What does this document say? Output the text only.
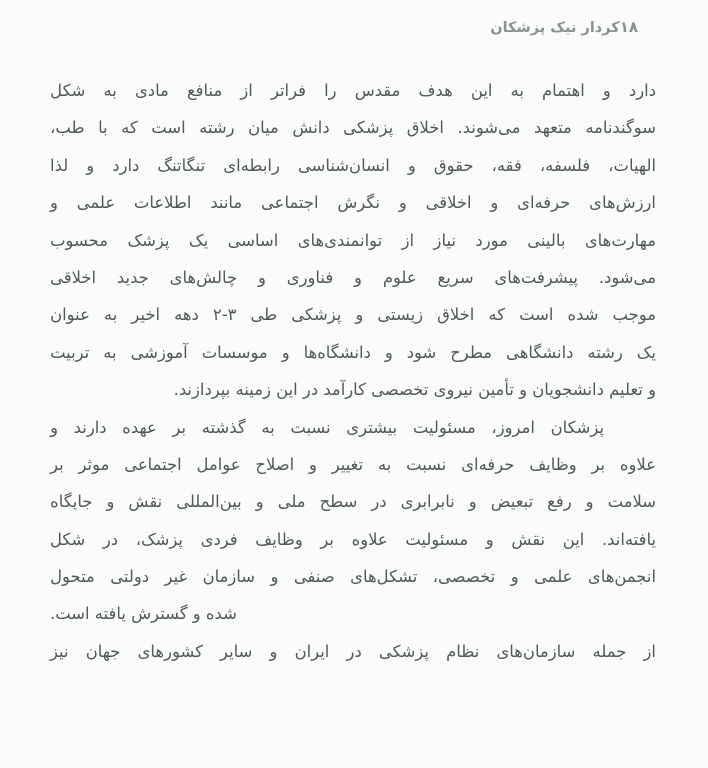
۱۸
کردار نیک پزشکان

دارد
و
اهتمام
به
این
هدف
مقدس
را
فراتر
از
منافع
مادی
به
شکل
سوگندنامه
متعهد
می‌شوند.
اخلاق
پزشکی
دانش
میان
رشته
است
که
با
طب،
الهیات،
فلسفه،
فقه،
حقوق
و
انسان‌شناسی
رابطه‌ای
تنگاتنگ
دارد
و
لذا
ارزش‌های
حرفه‌ای
و
اخلاقی
و
نگرش
اجتماعی
مانند
اطلاعات
علمی
و
مهارت‌های
بالینی
مورد
نیاز
از
توانمندی‌های
اساسی
یک
پزشک
محسوب
می‌شود.
پیشرفت‌های
سریع
علوم
و
فناوری
و
چالش‌های
جدید
اخلاقی
موجب
شده
است
که
اخلاق
زیستی
و
پزشکی
طی
۲-۳
دهه
اخیر
به
عنوان
یک
رشته
دانشگاهی
مطرح
شود
و
دانشگاه‌ها
و
موسسات
آموزشی
به
تربیت
و تعلیم دانشجویان و تأمین نیروی تخصصی کارآمد در این زمینه بپردازند.

پزشکان
امروز،
مسئولیت
بیشتری
نسبت
به
گذشته
بر
عهده
دارند
و
علاوه
بر
وظایف
حرفه‌ای
نسبت
به
تغییر
و
اصلاح
عوامل
اجتماعی
موثر
بر
سلامت
و
رفع
تبعیض
و
نابرابری
در
سطح
ملی
و
بین‌المللی
نقش
و
جایگاه
یافته‌اند.
این
نقش
و
مسئولیت
علاوه
بر
وظایف
فردی
پزشک،
در
شکل
انجمن‌های
علمی
و
تخصصی،
تشکل‌های
صنفی
و
سازمان
غیر
دولتی
متحول
شده و گسترش یافته است.

از
جمله
سازمان‌های
نظام
پزشکی
در
ایران
و
سایر
کشورهای
جهان
نیز
